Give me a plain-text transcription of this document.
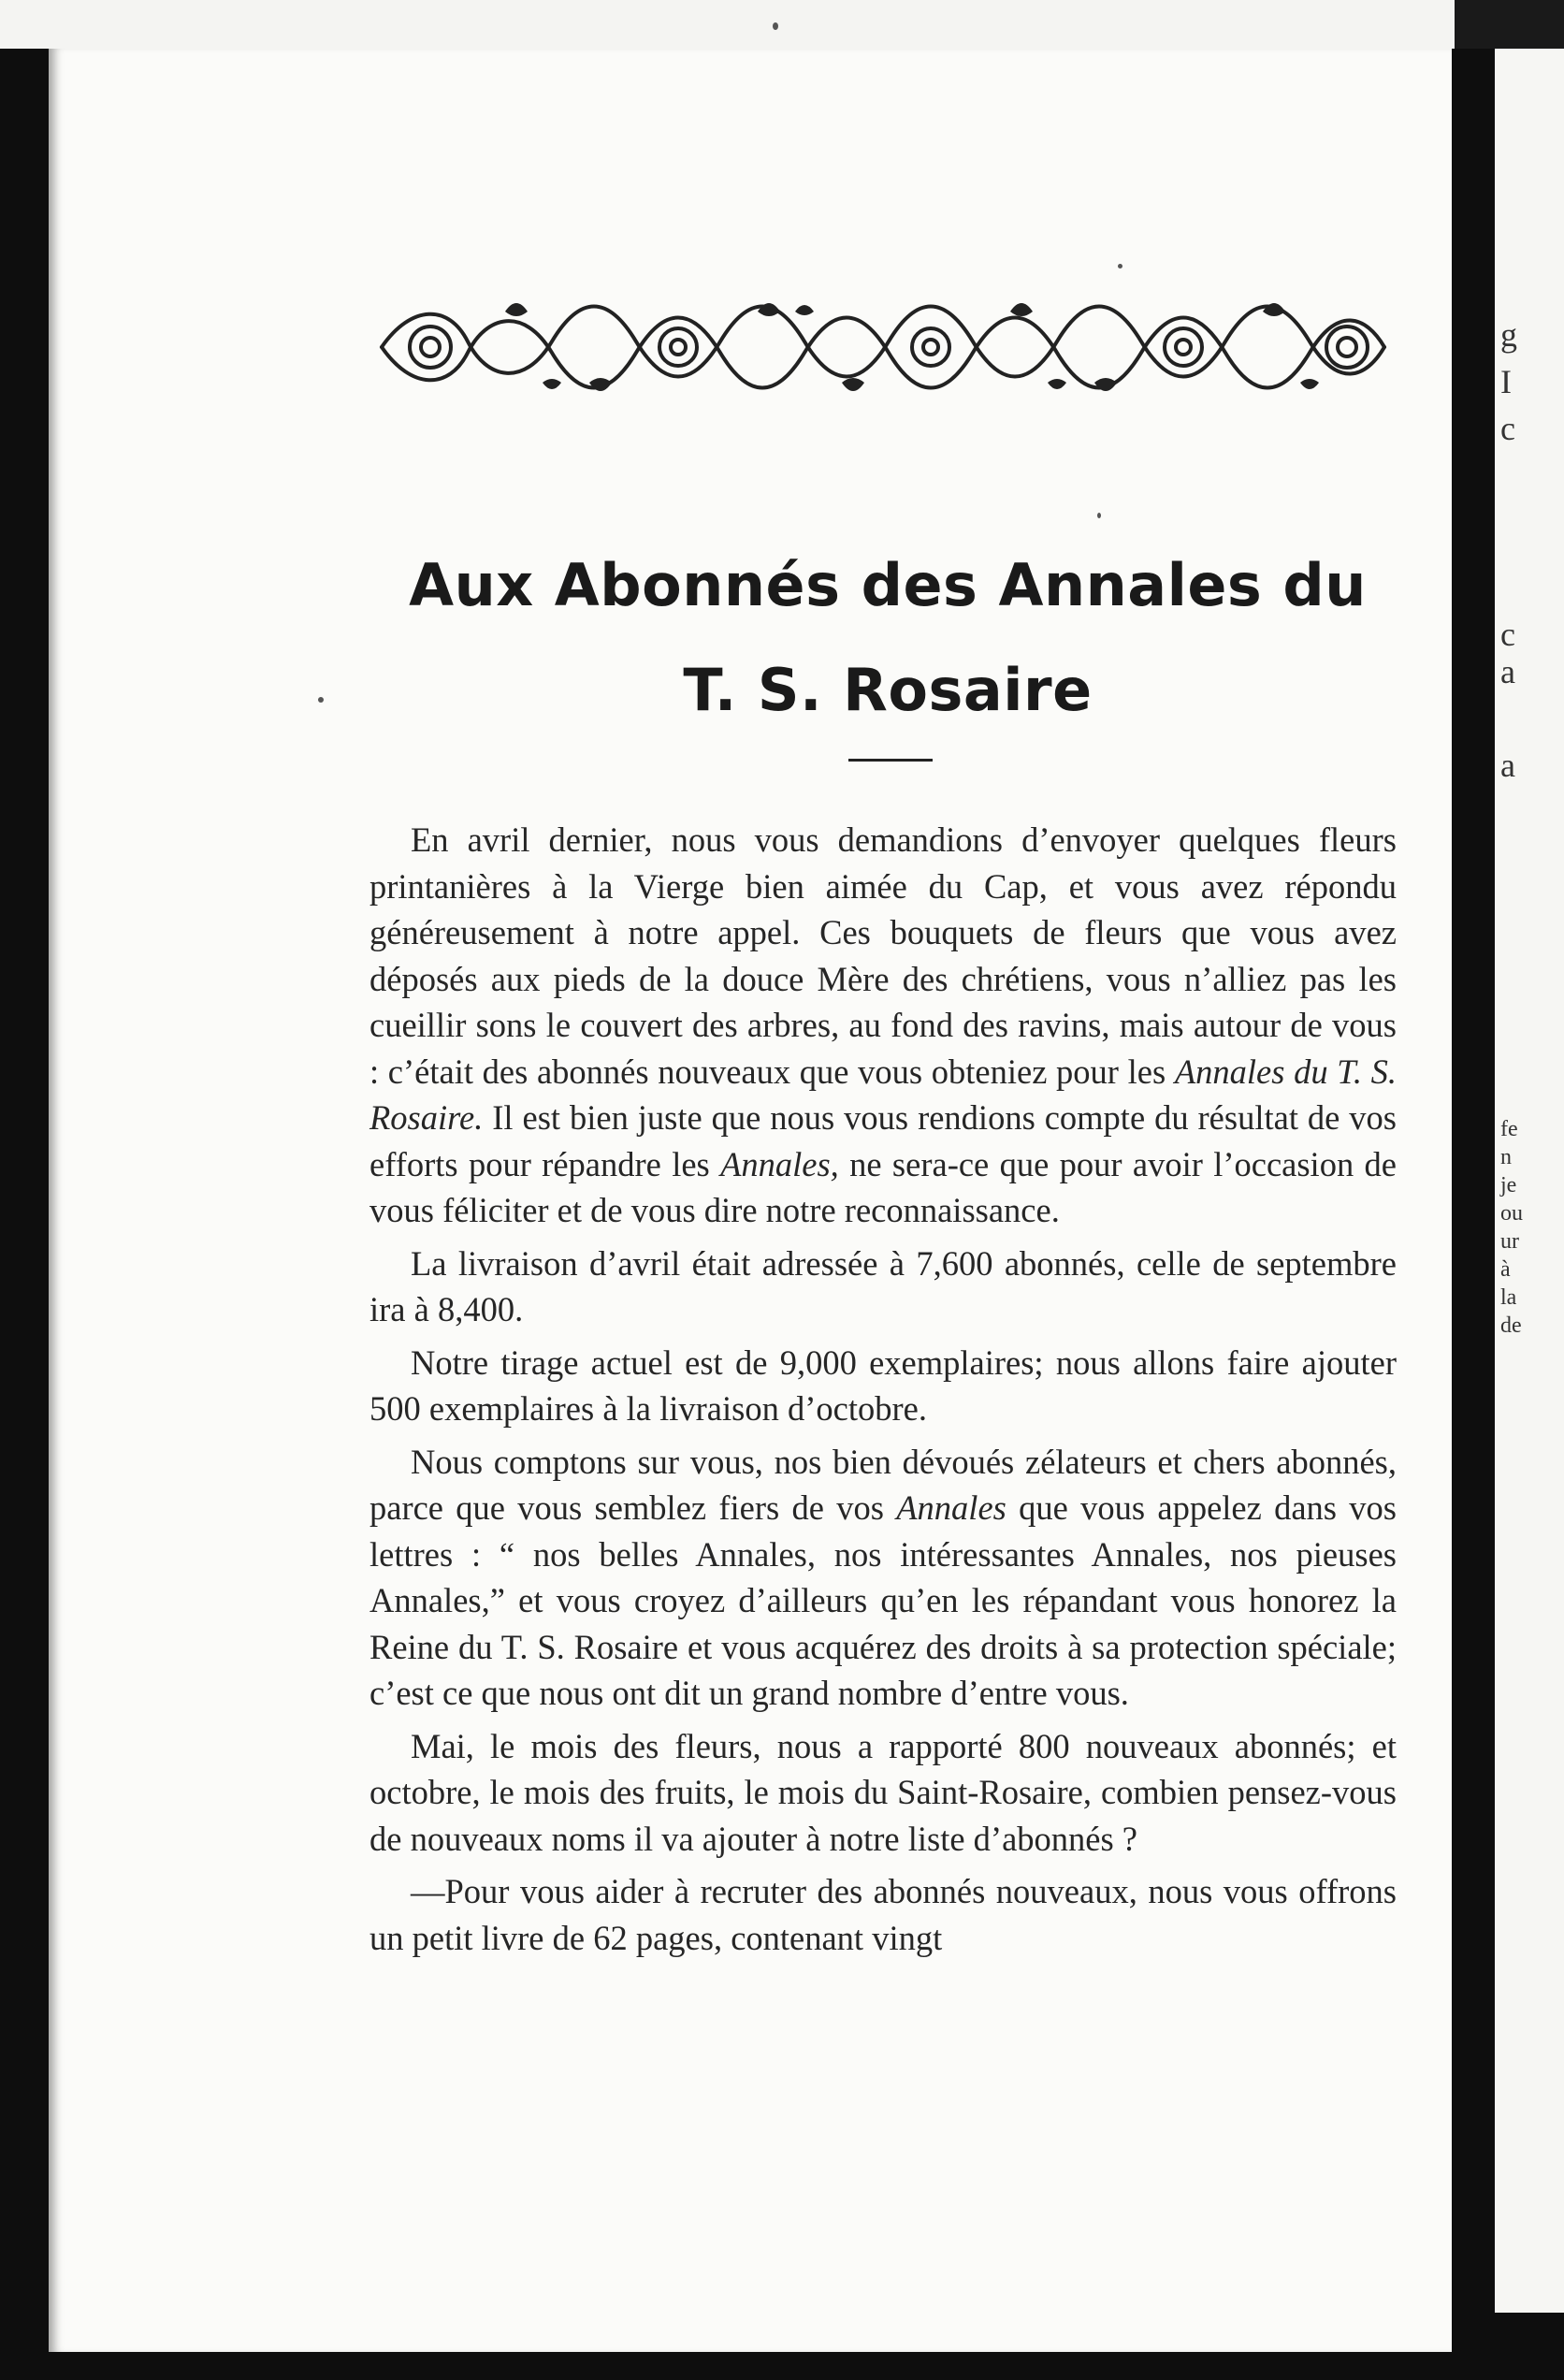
Aux Abonnés des Annales du
T. S. Rosaire

En avril dernier, nous vous demandions d’envoyer quelques fleurs printanières à la Vierge bien aimée du Cap, et vous avez répondu généreusement à notre appel. Ces bouquets de fleurs que vous avez déposés aux pieds de la douce Mère des chrétiens, vous n’alliez pas les cueillir sons le couvert des arbres, au fond des ravins, mais autour de vous : c’était des abonnés nouveaux que vous obteniez pour les Annales du T. S. Rosaire. Il est bien juste que nous vous rendions compte du résultat de vos efforts pour répandre les Annales, ne sera-ce que pour avoir l’occasion de vous féliciter et de vous dire notre reconnaissance.

La livraison d’avril était adressée à 7,600 abonnés, celle de septembre ira à 8,400.

Notre tirage actuel est de 9,000 exemplaires; nous allons faire ajouter 500 exemplaires à la livraison d’octobre.

Nous comptons sur vous, nos bien dévoués zélateurs et chers abonnés, parce que vous semblez fiers de vos Annales que vous appelez dans vos lettres : “ nos belles Annales, nos intéressantes Annales, nos pieuses Annales,” et vous croyez d’ailleurs qu’en les répandant vous honorez la Reine du T. S. Rosaire et vous acquérez des droits à sa protection spéciale; c’est ce que nous ont dit un grand nombre d’entre vous.

Mai, le mois des fleurs, nous a rapporté 800 nouveaux abonnés; et octobre, le mois des fruits, le mois du Saint-Rosaire, combien pensez-vous de nouveaux noms il va ajouter à notre liste d’abonnés ?

—Pour vous aider à recruter des abonnés nouveaux, nous vous offrons un petit livre de 62 pages, contenant vingt

g
I
c
c
a
a
fe
n
je
ou
ur
à
la
de
